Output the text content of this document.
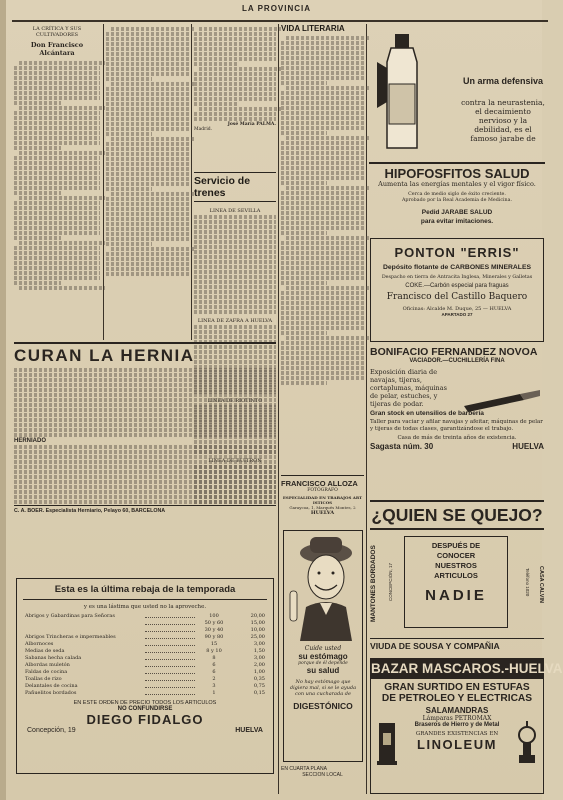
LA PROVINCIA
LA CRÍTICA Y SUS CULTIVADORES
Don Francisco Alcántara
José María PALMA.
Madrid.
Servicio de trenes
LINEA DE SEVILLA
LINEA DE ZAFRA A HUELVA
LINEA DE RIOTINTO
LINEA DE BUITRON
CURAN LA HERNIA
HERNIADO
C. A. BOER. Especialista Herniario, Pelayo 60, BARCELONA
Esta es la última rebaja de la temporada
y es una lástima que usted no la aproveche.
Abrigos y Gabardinas para Señoras	100	20,00
50 y 60	15,00
30 y 40	10,00
Abrigos Trincheras e impermeables	90 y 80	25,00
Albornoces	15	3,00
Medias de seda	8 y 10	1,50
Sabanas hecha calada	8	3,00
Albordas muletón	6	2,00
Faldas de cocina	6	1,00
Toallas de rizo	2	0,35
Delantales de cocina	3	0,75
Pañuelitos bordados	1	0,15
EN ESTE ORDEN DE PRECIO TODOS LOS ARTICULOS
NO CONFUNDIRSE
DIEGO FIDALGO
Concepción, 19	HUELVA
VIDA LITERARIA
FRANCISCO ALLOZA
FOTÓGRAFO
ESPECIALIDAD EN TRABAJOS ART ISTICOS
Garaycoa, 1, Marqués Montes, 2
HUELVA
Cuide usted
su estómago
porque de él depende
su salud
No hay estómago que digiera mal, si se le ayuda con una cucharada de
DIGESTÓNICO
Un arma defensiva
contra la neurastenia, el decaimiento nervioso y la debilidad, es el famoso jarabe de
HIPOFOSFITOS SALUD
Aumenta las energías mentales y el vigor físico.
Cerca de medio siglo de éxito creciente. Aprobado por la Real Academia de Medicina.
Pedid JARABE SALUD
para evitar imitaciones.
PONTON "ERRIS"
Depósito flotante de CARBONES MINERALES
Despacho en tierra de Antracita Inglesa, Minerales y Galletas
COKE.—Carbón especial para fraguas
Francisco del Castillo Baquero
Oficinas: Alcalde M. Duque, 25 — HUELVA
APARTADO 27
BONIFACIO FERNANDEZ NOVOA
VACIADOR.—CUCHILLERÍA FINA
Exposición diaria de navajas, tijeras, cortaplumas, máquinas de pelar, estuches, y tijeras de podar.
Gran stock en utensilios de barbería
Taller para vaciar y afilar navajas y afeitar, máquinas de pelar y tijeras de todas clases, garantizándose el trabajo.
Casa de más de treinta años de existencia.
Sagasta núm. 30	HUELVA
¿QUIEN SE QUEJO?
MANTONES BORDADOS	CASA CALVIN
CONCEPCIÓN, 17	Teléfono 1020
DESPUÉS DE CONOCER NUESTROS ARTICULOS
NADIE
VIUDA DE SOUSA Y COMPAÑIA
BAZAR MASCAROS.-HUELVA
GRAN SURTIDO EN ESTUFAS
DE PETROLEO Y ELECTRICAS
SALAMANDRAS
Lámparas PETROMAX
Braseros de Hierro y de Metal
GRANDES EXISTENCIAS EN
LINOLEUM
EN CUARTA PLANA
SECCION LOCAL
